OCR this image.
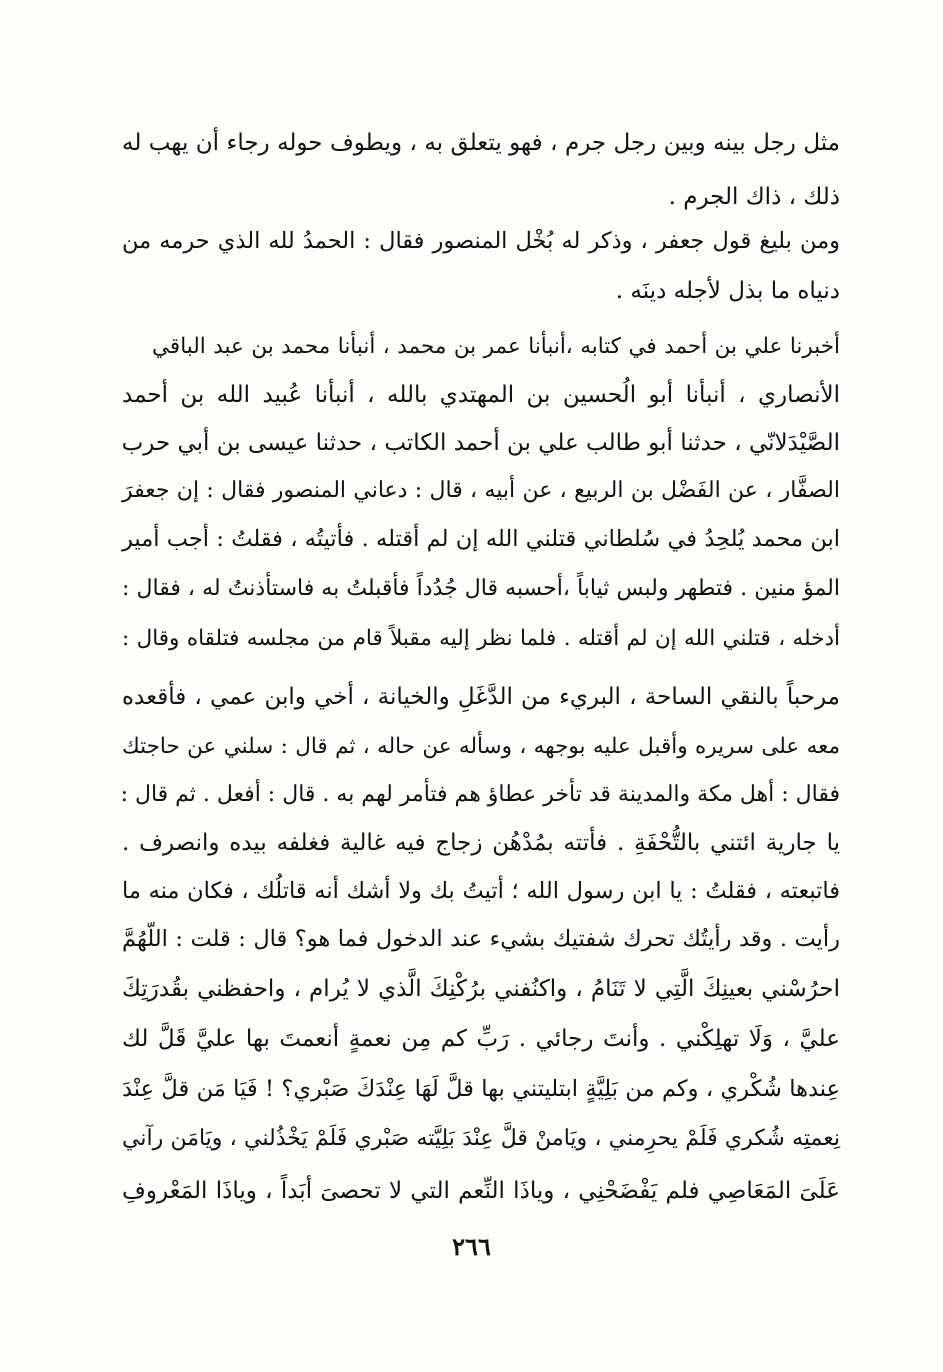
مثل رجل بينه وبين رجل جرم ، فهو يتعلق به ، ويطوف حوله رجاء أن يهب له
ذلك ، ذاك الجرم .
ومن بليغ قول جعفر ، وذكر له بُخْل المنصور فقال : الحمدُ لله الذي حرمه من
دنياه ما بذل لأجله دينَه .
أخبرنا علي بن أحمد في كتابه ،أنبأنا عمر بن محمد ، أنبأنا محمد بن عبد الباقي
الأنصاري ، أنبأنا أبو الُحسين بن المهتدي بالله ، أنبأنا عُبيد الله بن أحمد
الصَّيْدَلانّي ، حدثنا أبو طالب علي بن أحمد الكاتب ، حدثنا عيسى بن أبي حرب
الصفَّار ، عن الفَضْل بن الربيع ، عن أبيه ، قال : دعاني المنصور فقال : إن جعفرَ
ابن محمد يُلحِدُ في سُلطاني قتلني الله إن لم أقتله . فأتيتُه ، فقلتُ : أجب أمير
المؤ منين . فتطهر ولبس ثياباً ،أحسبه قال جُدُداً فأقبلتُ به فاستأذنتُ له ، فقال :
أدخله ، قتلني الله إن لم أقتله . فلما نظر إليه مقبلاً قام من مجلسه فتلقاه وقال :
مرحباً بالنقي الساحة ، البريء من الدَّغَلِ والخيانة ، أخي وابن عمي ، فأقعده
معه على سريره وأقبل عليه بوجهه ، وسأله عن حاله ، ثم قال : سلني عن حاجتك
فقال : أهل مكة والمدينة قد تأخر عطاؤ هم فتأمر لهم به . قال : أفعل . ثم قال :
يا جارية ائتني بالتُّحْفَةِ . فأتته بمُدْهُن زجاج فيه غالية فغلفه بيده وانصرف .
فاتبعته ، فقلتُ : يا ابن رسول الله ؛ أتيتُ بك ولا أشك أنه قاتلُك ، فكان منه ما
رأيت . وقد رأيتُك تحرك شفتيك بشيء عند الدخول فما هو؟ قال : قلت : اللّهُمَّ
احرُسْني بعينِكَ الَّتِي لا تَنَامُ ، واكنُفني برُكْنِكَ الَّذي لا يُرام ، واحفظني بقُدرَتِكَ
عليَّ ، وَلَا تهلِكْني . وأنتَ رجائي . رَبِّ كم مِن نعمةٍ أنعمتَ بها عليَّ قَلَّ لك
عِندها شُكْري ، وكم من بَلِيَّةٍ ابتليتني بها قلَّ لَهَا عِنْدَكَ صَبْري؟ ! فَيَا مَن قلَّ عِنْدَ
نِعمتِه شُكري فَلَمْ يحرِمني ، ويَامنْ قلَّ عِنْدَ بَلِيَّته صَبْري فَلَمْ يَخْذُلني ، ويَامَن رآني
عَلَىَ المَعَاصِي فلم يَفْضَحْنِي ، وياذَا النِّعم التي لا تحصىَ أبَداً ، وياذَا المَعْروفِ
٢٦٦
